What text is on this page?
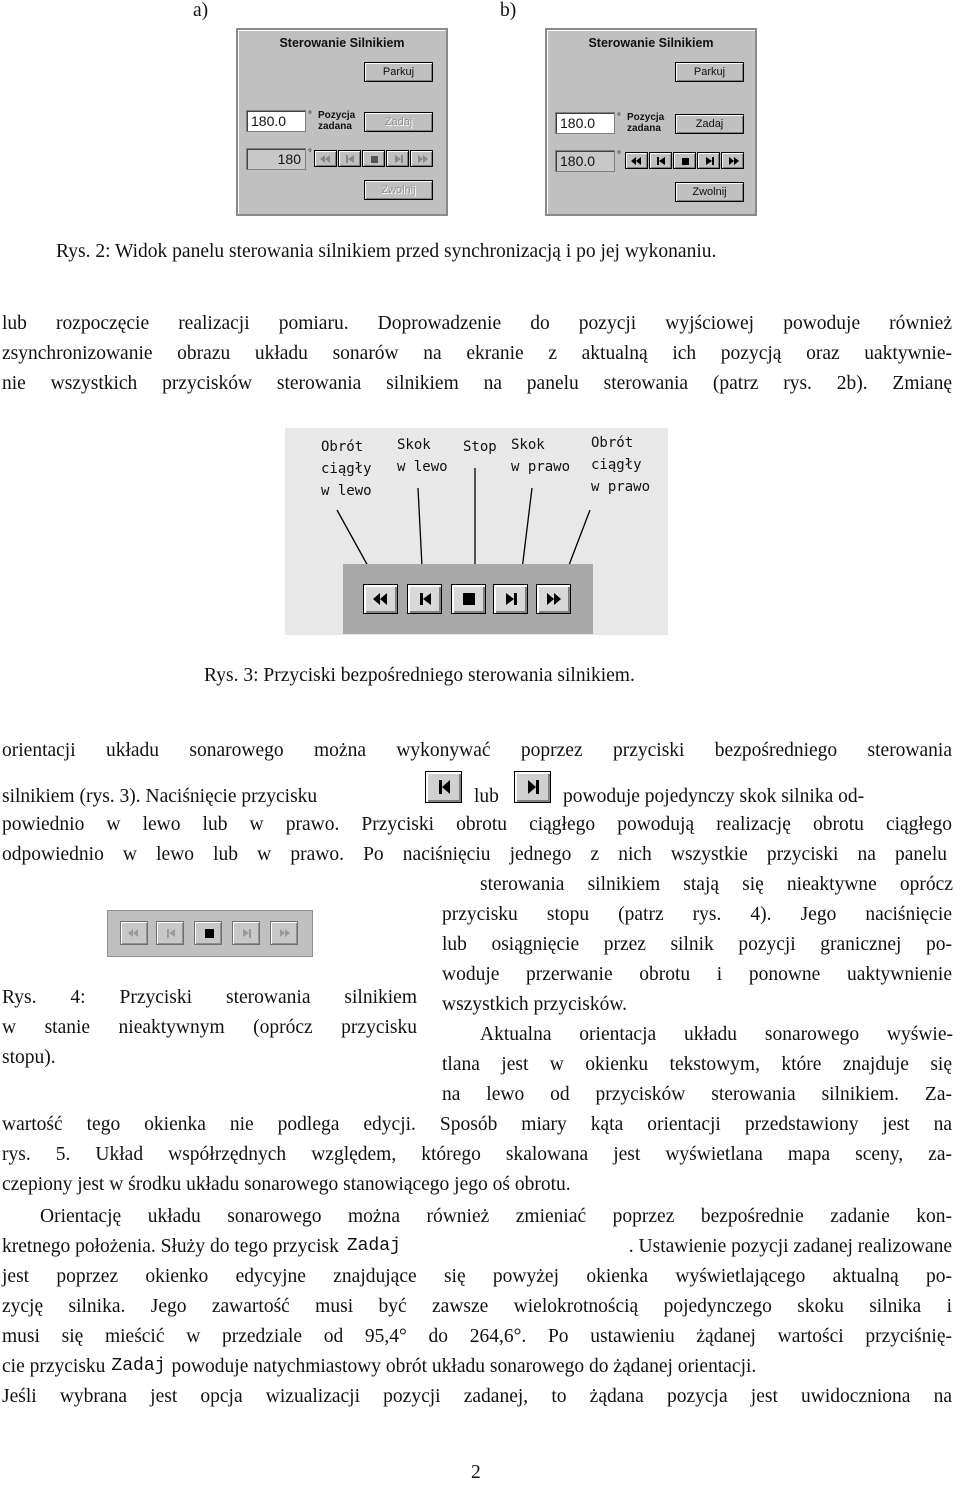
a)	b)
Sterowanie Silnikiem
Parkuj
180.0	° Pozycja
zadana	Zadaj
180 °
Zwolnij
Sterowanie Silnikiem
Parkuj
180.0	° Pozycja
zadana	Zadaj
180.0	°
Zwolnij
Rys. 2: Widok panelu sterowania silnikiem przed synchronizacją i po jej wykonaniu.
lub rozpoczęcie realizacji pomiaru. Doprowadzenie do pozycji wyjściowej powoduje również
zsynchronizowanie obrazu układu sonarów na ekranie z aktualną ich pozycją oraz uaktywnie-
nie wszystkich przycisków sterowania silnikiem na panelu sterowania (patrz rys. 2b). Zmianę
Obrót
ciągły
w lewo
Skok
w lewo
Stop Skok
w prawo
Obrót
ciągły
w prawo
Rys. 3: Przyciski bezpośredniego sterowania silnikiem.
orientacji układu sonarowego można wykonywać poprzez przyciski bezpośredniego sterowania
silnikiem (rys. 3). Naciśnięcie przycisku	lub	powoduje pojedynczy skok silnika od-
powiednio w lewo lub w prawo. Przyciski obrotu ciągłego powodują realizację obrotu ciągłego
odpowiednio w lewo lub w prawo. Po naciśnięciu jednego z nich wszystkie przyciski na panelu
Rys. 4: Przyciski sterowania silnikiem
w stanie nieaktywnym (oprócz przycisku
stopu).
sterowania silnikiem stają się nieaktywne oprócz
przycisku stopu (patrz rys. 4). Jego naciśnięcie
lub osiągnięcie przez silnik pozycji granicznej po-
woduje przerwanie obrotu i ponowne uaktywnienie
wszystkich przycisków.
Aktualna orientacja układu sonarowego wyświe-
tlana jest w okienku tekstowym, które znajduje się
na lewo od przycisków sterowania silnikiem. Za-
wartość tego okienka nie podlega edycji. Sposób miary kąta orientacji przedstawiony jest na
rys. 5. Układ współrzędnych względem, którego skalowana jest wyświetlana mapa sceny, za-
czepiony jest w środku układu sonarowego stanowiącego jego oś obrotu.
Orientację układu sonarowego można również zmieniać poprzez bezpośrednie zadanie kon-
kretnego położenia. Służy do tego przycisk Zadaj	. Ustawienie pozycji zadanej realizowane
jest poprzez okienko edycyjne znajdujące się powyżej okienka wyświetlającego aktualną po-
zycję silnika. Jego zawartość musi być zawsze wielokrotnością pojedynczego skoku silnika i
musi się mieścić w przedziale od 95,4° do 264,6°. Po ustawieniu żądanej wartości przyciśnię-
cie przycisku Zadaj powoduje natychmiastowy obrót układu sonarowego do żądanej orientacji.
Jeśli wybrana jest opcja wizualizacji pozycji zadanej, to żądana pozycja jest uwidoczniona na
2
